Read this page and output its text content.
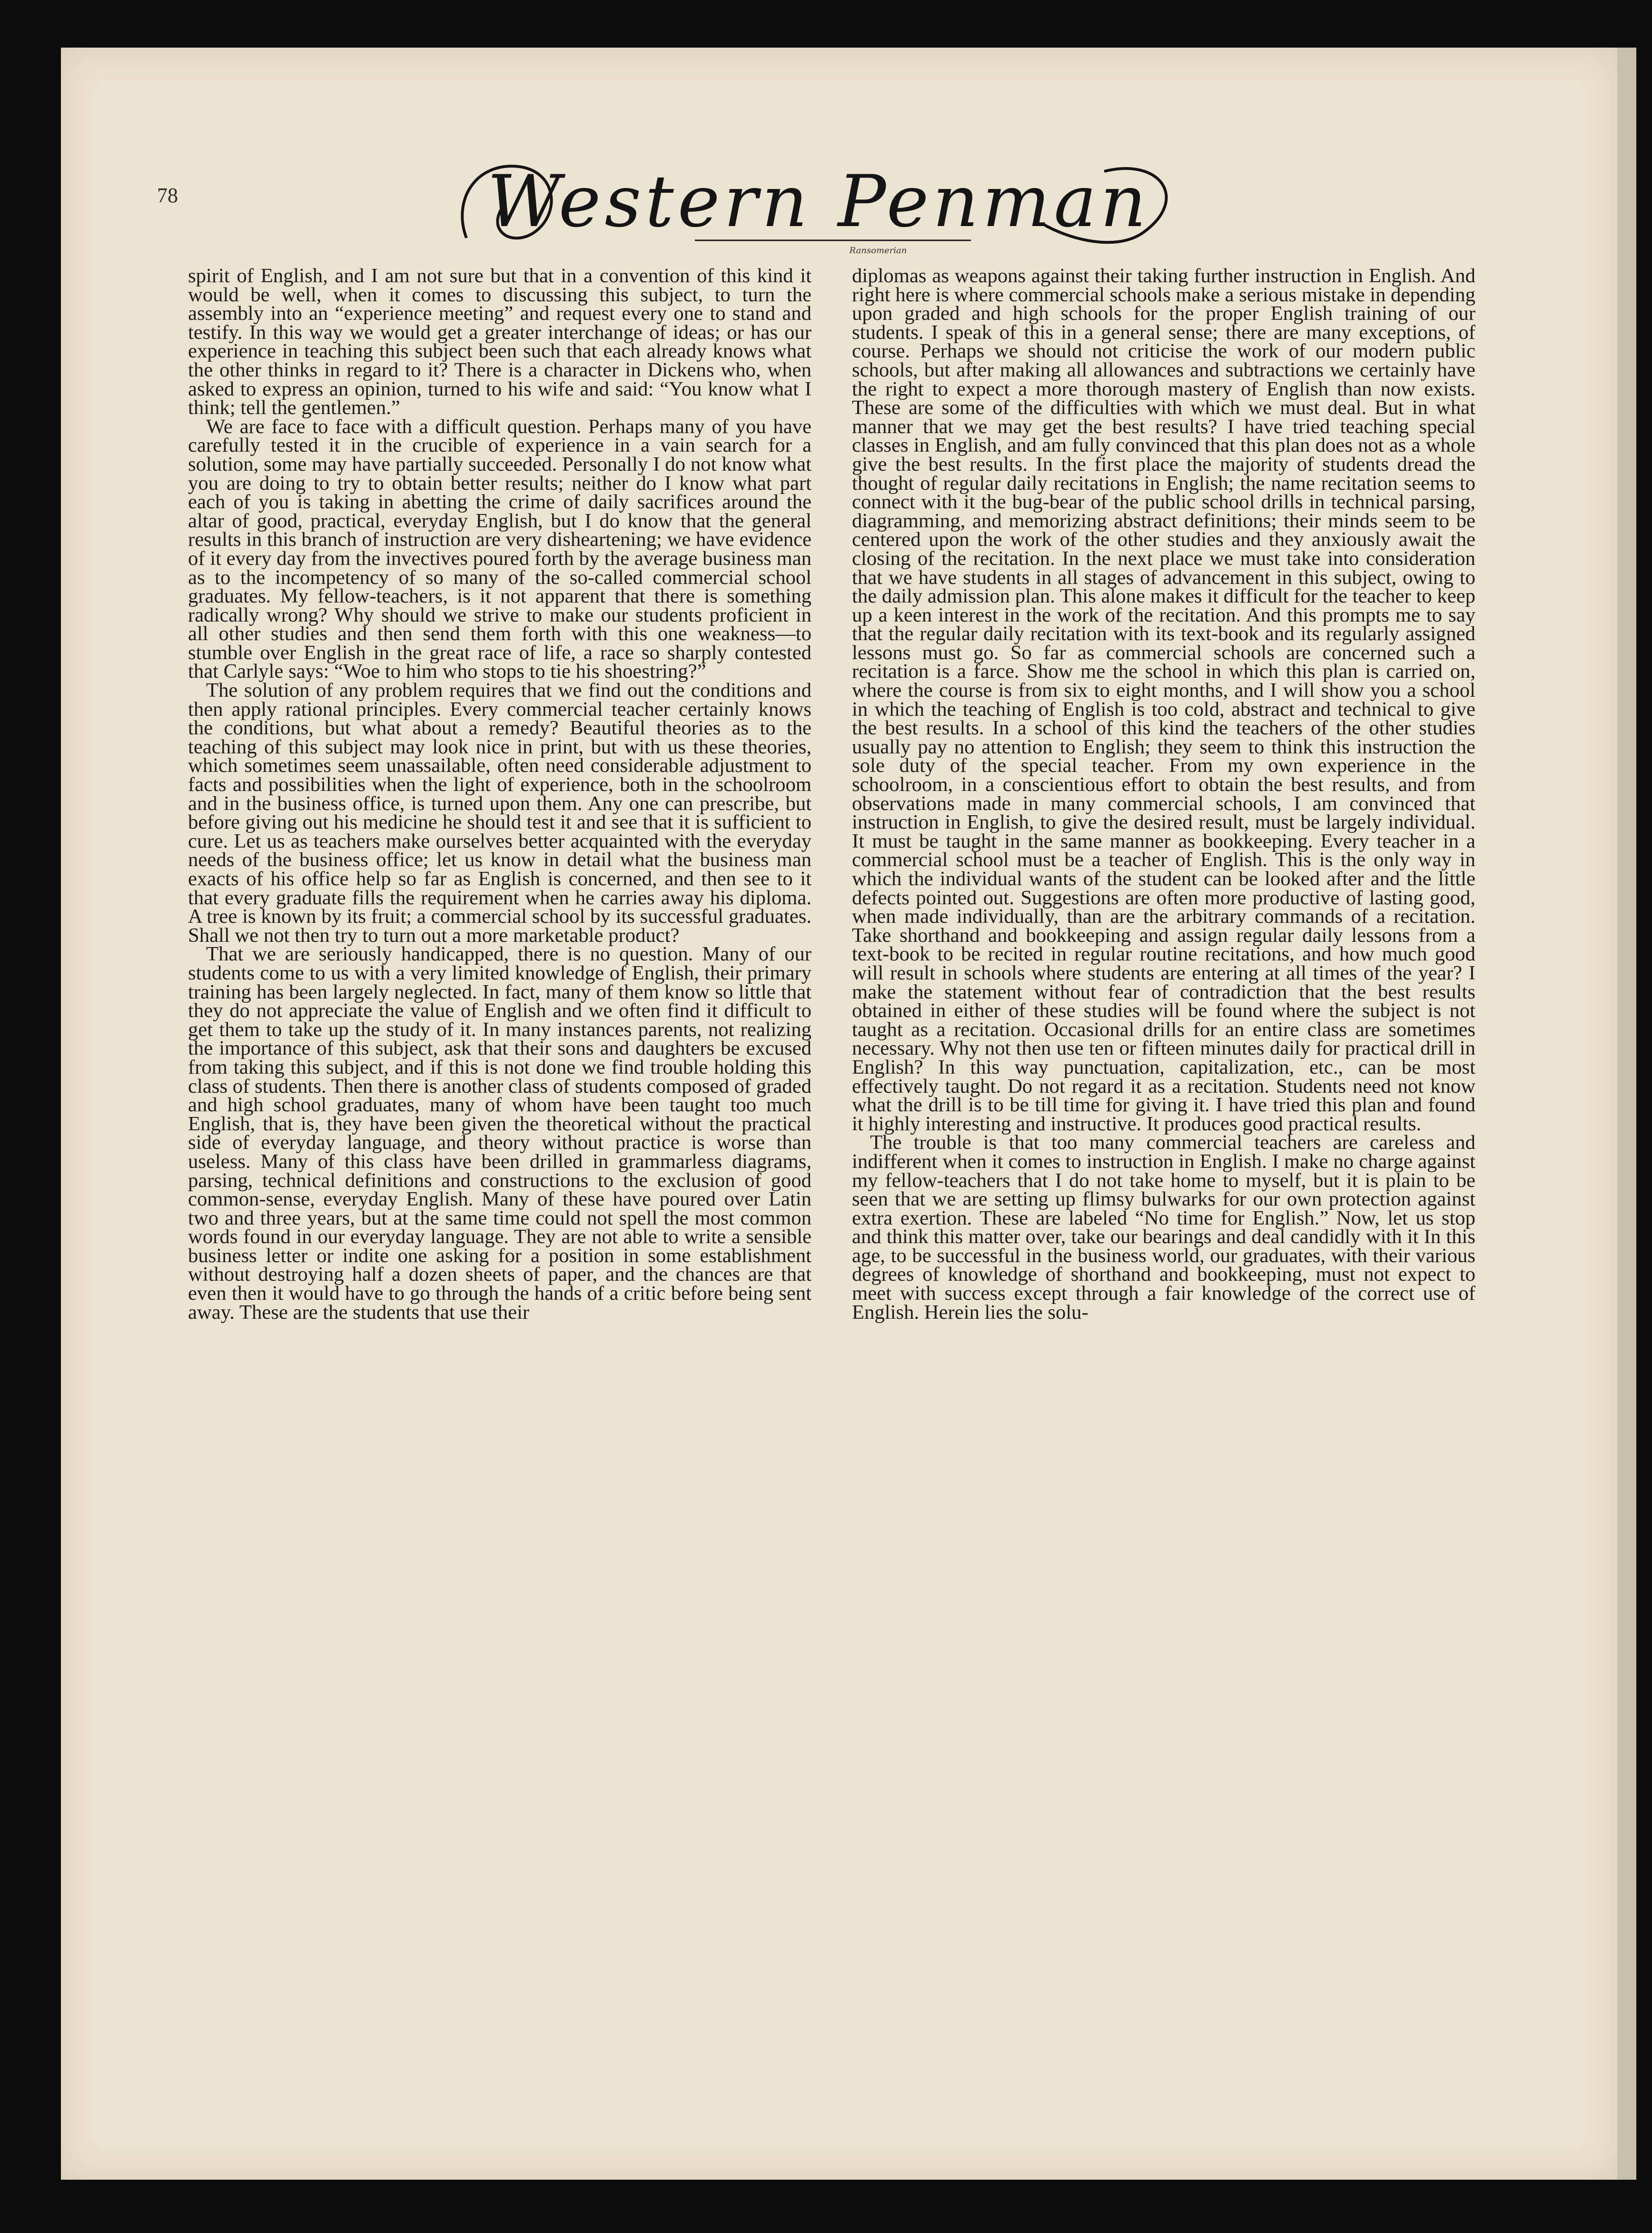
78	Western Penman
Ransomerian

spirit of English, and I am not sure but that in a convention of this kind it would be well, when it comes to discussing this subject, to turn the assembly into an “experience meeting” and request every one to stand and testify. In this way we would get a greater interchange of ideas; or has our experience in teaching this subject been such that each already knows what the other thinks in regard to it? There is a character in Dickens who, when asked to express an opinion, turned to his wife and said: “You know what I think; tell the gentlemen.”

We are face to face with a difficult question. Perhaps many of you have carefully tested it in the crucible of experience in a vain search for a solution, some may have partially succeeded. Personally I do not know what you are doing to try to obtain better results; neither do I know what part each of you is taking in abetting the crime of daily sacrifices around the altar of good, practical, everyday English, but I do know that the general results in this branch of instruction are very disheartening; we have evidence of it every day from the invectives poured forth by the average business man as to the incompetency of so many of the so-called commercial school graduates. My fellow-teachers, is it not apparent that there is something radically wrong? Why should we strive to make our students proficient in all other studies and then send them forth with this one weakness—to stumble over English in the great race of life, a race so sharply contested that Carlyle says: “Woe to him who stops to tie his shoestring?”

The solution of any problem requires that we find out the conditions and then apply rational principles. Every commercial teacher certainly knows the conditions, but what about a remedy? Beautiful theories as to the teaching of this subject may look nice in print, but with us these theories, which sometimes seem unassailable, often need considerable adjustment to facts and possibilities when the light of experience, both in the schoolroom and in the business office, is turned upon them. Any one can prescribe, but before giving out his medicine he should test it and see that it is sufficient to cure. Let us as teachers make ourselves better acquainted with the everyday needs of the business office; let us know in detail what the business man exacts of his office help so far as English is concerned, and then see to it that every graduate fills the requirement when he carries away his diploma. A tree is known by its fruit; a commercial school by its successful graduates. Shall we not then try to turn out a more marketable product?

That we are seriously handicapped, there is no question. Many of our students come to us with a very limited knowledge of English, their primary training has been largely neglected. In fact, many of them know so little that they do not appreciate the value of English and we often find it difficult to get them to take up the study of it. In many instances parents, not realizing the importance of this subject, ask that their sons and daughters be excused from taking this subject, and if this is not done we find trouble holding this class of students. Then there is another class of students composed of graded and high school graduates, many of whom have been taught too much English, that is, they have been given the theoretical without the practical side of everyday language, and theory without practice is worse than useless. Many of this class have been drilled in grammarless diagrams, parsing, technical definitions and constructions to the exclusion of good common-sense, everyday English. Many of these have poured over Latin two and three years, but at the same time could not spell the most common words found in our everyday language. They are not able to write a sensible business letter or indite one asking for a position in some establishment without destroying half a dozen sheets of paper, and the chances are that even then it would have to go through the hands of a critic before being sent away. These are the students that use their

diplomas as weapons against their taking further instruction in English. And right here is where commercial schools make a serious mistake in depending upon graded and high schools for the proper English training of our students. I speak of this in a general sense; there are many exceptions, of course. Perhaps we should not criticise the work of our modern public schools, but after making all allowances and subtractions we certainly have the right to expect a more thorough mastery of English than now exists. These are some of the difficulties with which we must deal. But in what manner that we may get the best results? I have tried teaching special classes in English, and am fully convinced that this plan does not as a whole give the best results. In the first place the majority of students dread the thought of regular daily recitations in English; the name recitation seems to connect with it the bug-bear of the public school drills in technical parsing, diagramming, and memorizing abstract definitions; their minds seem to be centered upon the work of the other studies and they anxiously await the closing of the recitation. In the next place we must take into consideration that we have students in all stages of advancement in this subject, owing to the daily admission plan. This alone makes it difficult for the teacher to keep up a keen interest in the work of the recitation. And this prompts me to say that the regular daily recitation with its text-book and its regularly assigned lessons must go. So far as commercial schools are concerned such a recitation is a farce. Show me the school in which this plan is carried on, where the course is from six to eight months, and I will show you a school in which the teaching of English is too cold, abstract and technical to give the best results. In a school of this kind the teachers of the other studies usually pay no attention to English; they seem to think this instruction the sole duty of the special teacher. From my own experience in the schoolroom, in a conscientious effort to obtain the best results, and from observations made in many commercial schools, I am convinced that instruction in English, to give the desired result, must be largely individual. It must be taught in the same manner as bookkeeping. Every teacher in a commercial school must be a teacher of English. This is the only way in which the individual wants of the student can be looked after and the little defects pointed out. Suggestions are often more productive of lasting good, when made individually, than are the arbitrary commands of a recitation. Take shorthand and bookkeeping and assign regular daily lessons from a text-book to be recited in regular routine recitations, and how much good will result in schools where students are entering at all times of the year? I make the statement without fear of contradiction that the best results obtained in either of these studies will be found where the subject is not taught as a recitation. Occasional drills for an entire class are sometimes necessary. Why not then use ten or fifteen minutes daily for practical drill in English? In this way punctuation, capitalization, etc., can be most effectively taught. Do not regard it as a recitation. Students need not know what the drill is to be till time for giving it. I have tried this plan and found it highly interesting and instructive. It produces good practical results.

The trouble is that too many commercial teachers are careless and indifferent when it comes to instruction in English. I make no charge against my fellow-teachers that I do not take home to myself, but it is plain to be seen that we are setting up flimsy bulwarks for our own protection against extra exertion. These are labeled “No time for English.” Now, let us stop and think this matter over, take our bearings and deal candidly with it In this age, to be successful in the business world, our graduates, with their various degrees of knowledge of shorthand and bookkeeping, must not expect to meet with success except through a fair knowledge of the correct use of English. Herein lies the solu-
